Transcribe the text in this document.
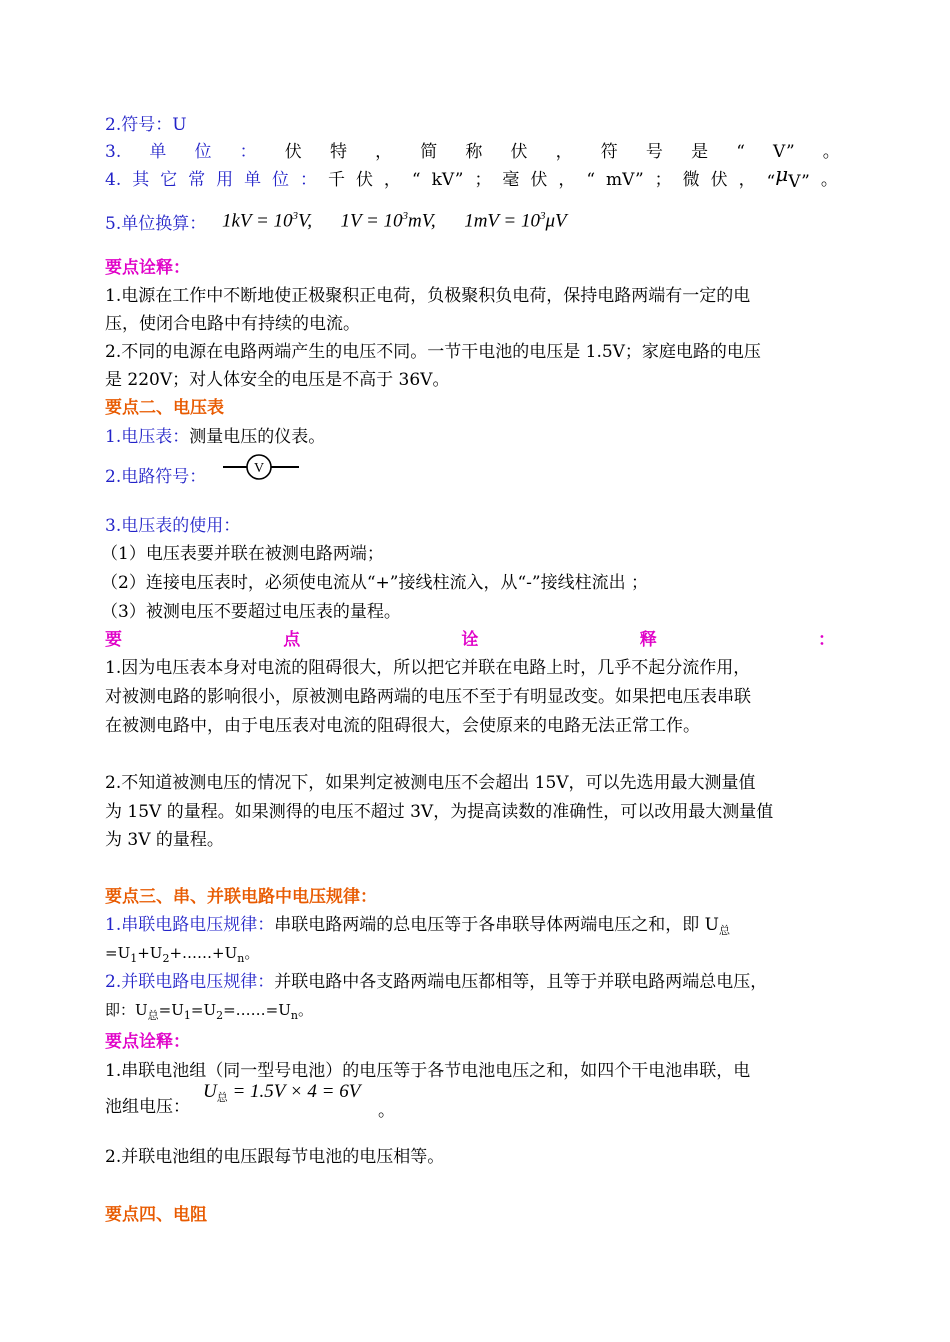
2.符号：U
3. 单 位 ： 伏 特 ， 简 称 伏 ， 符 号 是 “ V” 。
4. 其 它 常 用 单 位 ： 千 伏 ， “ kV” ； 毫 伏 ， “ mV” ； 微 伏 ， “μV” 。
5.单位换算： $1kV = 10^3V$, $1V = 10^3mV$, $1mV = 10^3\mu V$
要点诠释：
1.电源在工作中不断地使正极聚积正电荷，负极聚积负电荷，保持电路两端有一定的电
压，使闭合电路中有持续的电流。
2.不同的电源在电路两端产生的电压不同。一节干电池的电压是 1.5V；家庭电路的电压
是 220V；对人体安全的电压是不高于 36V。
要点二、电压表
1.电压表：测量电压的仪表。
2.电路符号：	V
3.电压表的使用：
（1）电压表要并联在被测电路两端；
（2）连接电压表时，必须使电流从“+”接线柱流入，从“-”接线柱流出 ；
（3）被测电压不要超过电压表的量程。
要	点	诠	释	：
1.因为电压表本身对电流的阻碍很大，所以把它并联在电路上时，几乎不起分流作用，
对被测电路的影响很小，原被测电路两端的电压不至于有明显改变。如果把电压表串联
在被测电路中，由于电压表对电流的阻碍很大，会使原来的电路无法正常工作。
2.不知道被测电压的情况下，如果判定被测电压不会超出 15V，可以先选用最大测量值
为 15V 的量程。如果测得的电压不超过 3V，为提高读数的准确性，可以改用最大测量值
为 3V 的量程。
要点三、串、并联电路中电压规律：
1.串联电路电压规律：串联电路两端的总电压等于各串联导体两端电压之和，即 $U_总$
$=U_1+U_2+\dots\dots+U_n$。
2.并联电路电压规律：并联电路中各支路两端电压都相等，且等于并联电路两端总电压，
即：$U_总=U_1=U_2=\dots\dots=U_n$。
要点诠释：
1.串联电池组（同一型号电池）的电压等于各节电池电压之和，如四个干电池串联，电
池组电压：
$U_总 = 1.5V \times 4 = 6V$
。
2.并联电池组的电压跟每节电池的电压相等。
要点四、电阻
